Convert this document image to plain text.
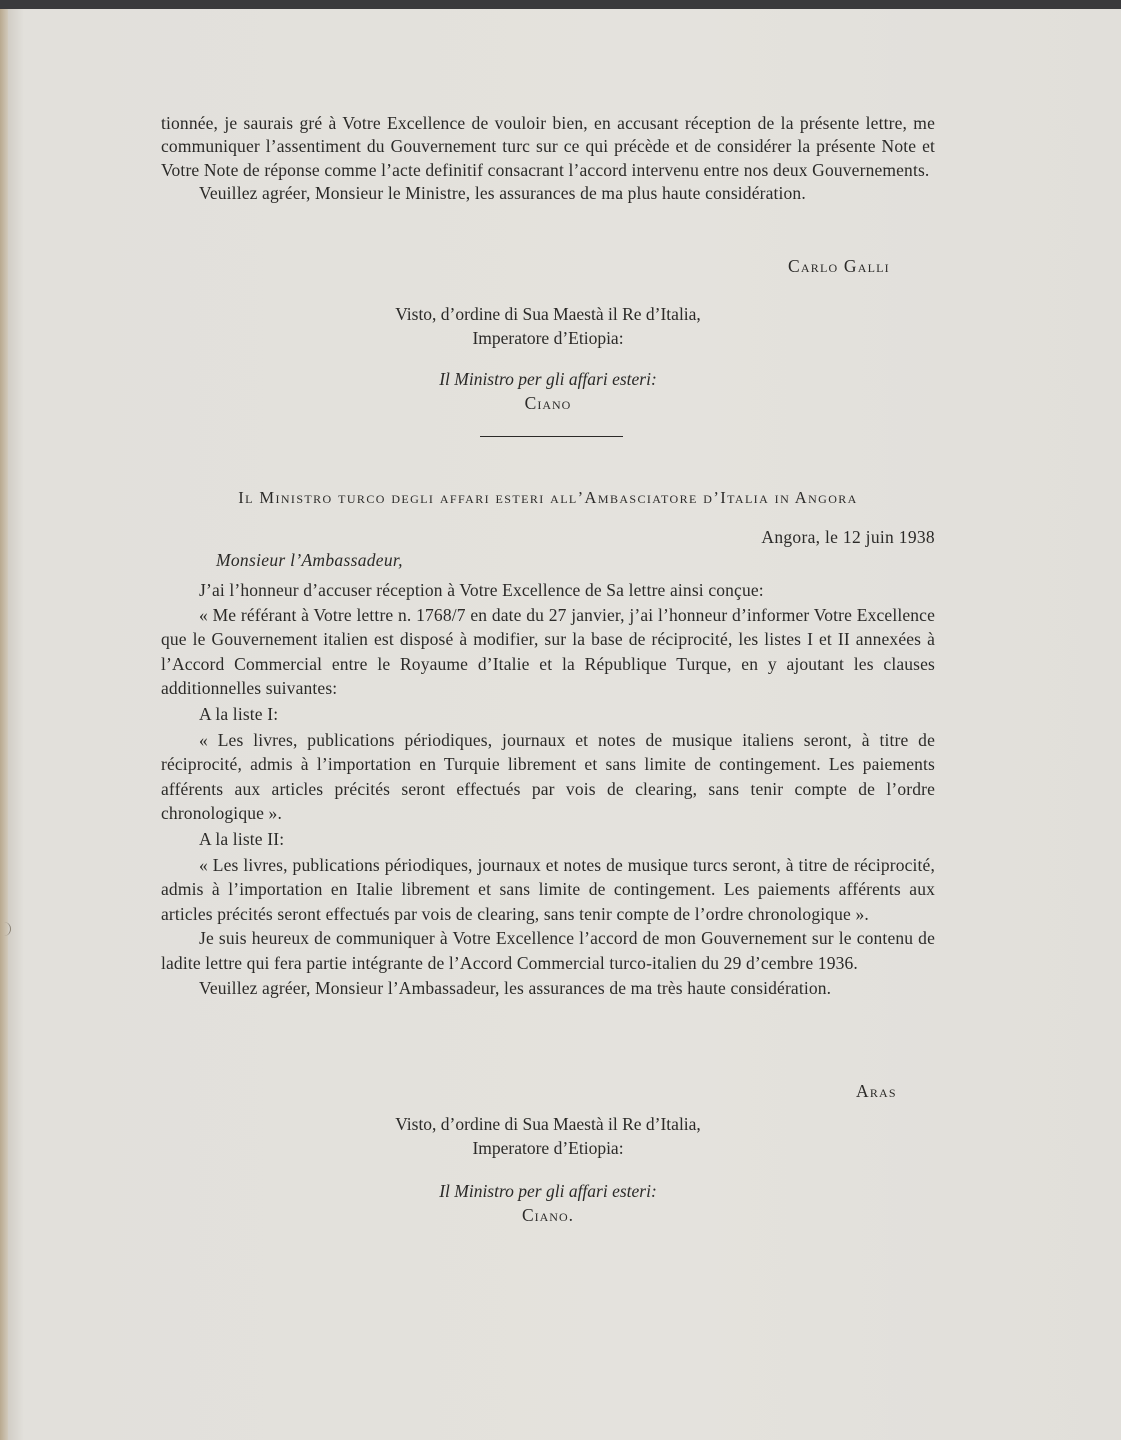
tionnée, je saurais gré à Votre Excellence de vouloir bien, en accusant réception de la présente lettre, me communiquer l’assentiment du Gouvernement turc sur ce qui précède et de considérer la présente Note et Votre Note de réponse comme l’acte definitif consacrant l’accord intervenu entre nos deux Gouvernements.

Veuillez agréer, Monsieur le Ministre, les assurances de ma plus haute considération.

Carlo Galli
Visto, d’ordine di Sua Maestà il Re d’Italia,
Imperatore d’Etiopia:
Il Ministro per gli affari esteri:
Ciano
Il Ministro turco degli affari esteri all’Ambasciatore d’Italia in Angora
Angora, le 12 juin 1938
Monsieur l’Ambassadeur,

J’ai l’honneur d’accuser réception à Votre Excellence de Sa lettre ainsi conçue:

« Me référant à Votre lettre n. 1768/7 en date du 27 janvier, j’ai l’honneur d’informer Votre Excellence que le Gouvernement italien est disposé à modifier, sur la base de réciprocité, les listes I et II annexées à l’Accord Commercial entre le Royaume d’Italie et la République Turque, en y ajoutant les clauses additionnelles suivantes:

A la liste I:

« Les livres, publications périodiques, journaux et notes de musique italiens seront, à titre de réciprocité, admis à l’importation en Turquie librement et sans limite de contingement. Les paiements afférents aux articles précités seront effectués par vois de clearing, sans tenir compte de l’ordre chronologique ».

A la liste II:

« Les livres, publications périodiques, journaux et notes de musique turcs seront, à titre de réciprocité, admis à l’importation en Italie librement et sans limite de contingement. Les paiements afférents aux articles précités seront effectués par vois de clearing, sans tenir compte de l’ordre chronologique ».

Je suis heureux de communiquer à Votre Excellence l’accord de mon Gouvernement sur le contenu de ladite lettre qui fera partie intégrante de l’Accord Commercial turco-italien du 29 d’cembre 1936.

Veuillez agréer, Monsieur l’Ambassadeur, les assurances de ma très haute considération.

Aras
Visto, d’ordine di Sua Maestà il Re d’Italia,
Imperatore d’Etiopia:
Il Ministro per gli affari esteri:
Ciano.
